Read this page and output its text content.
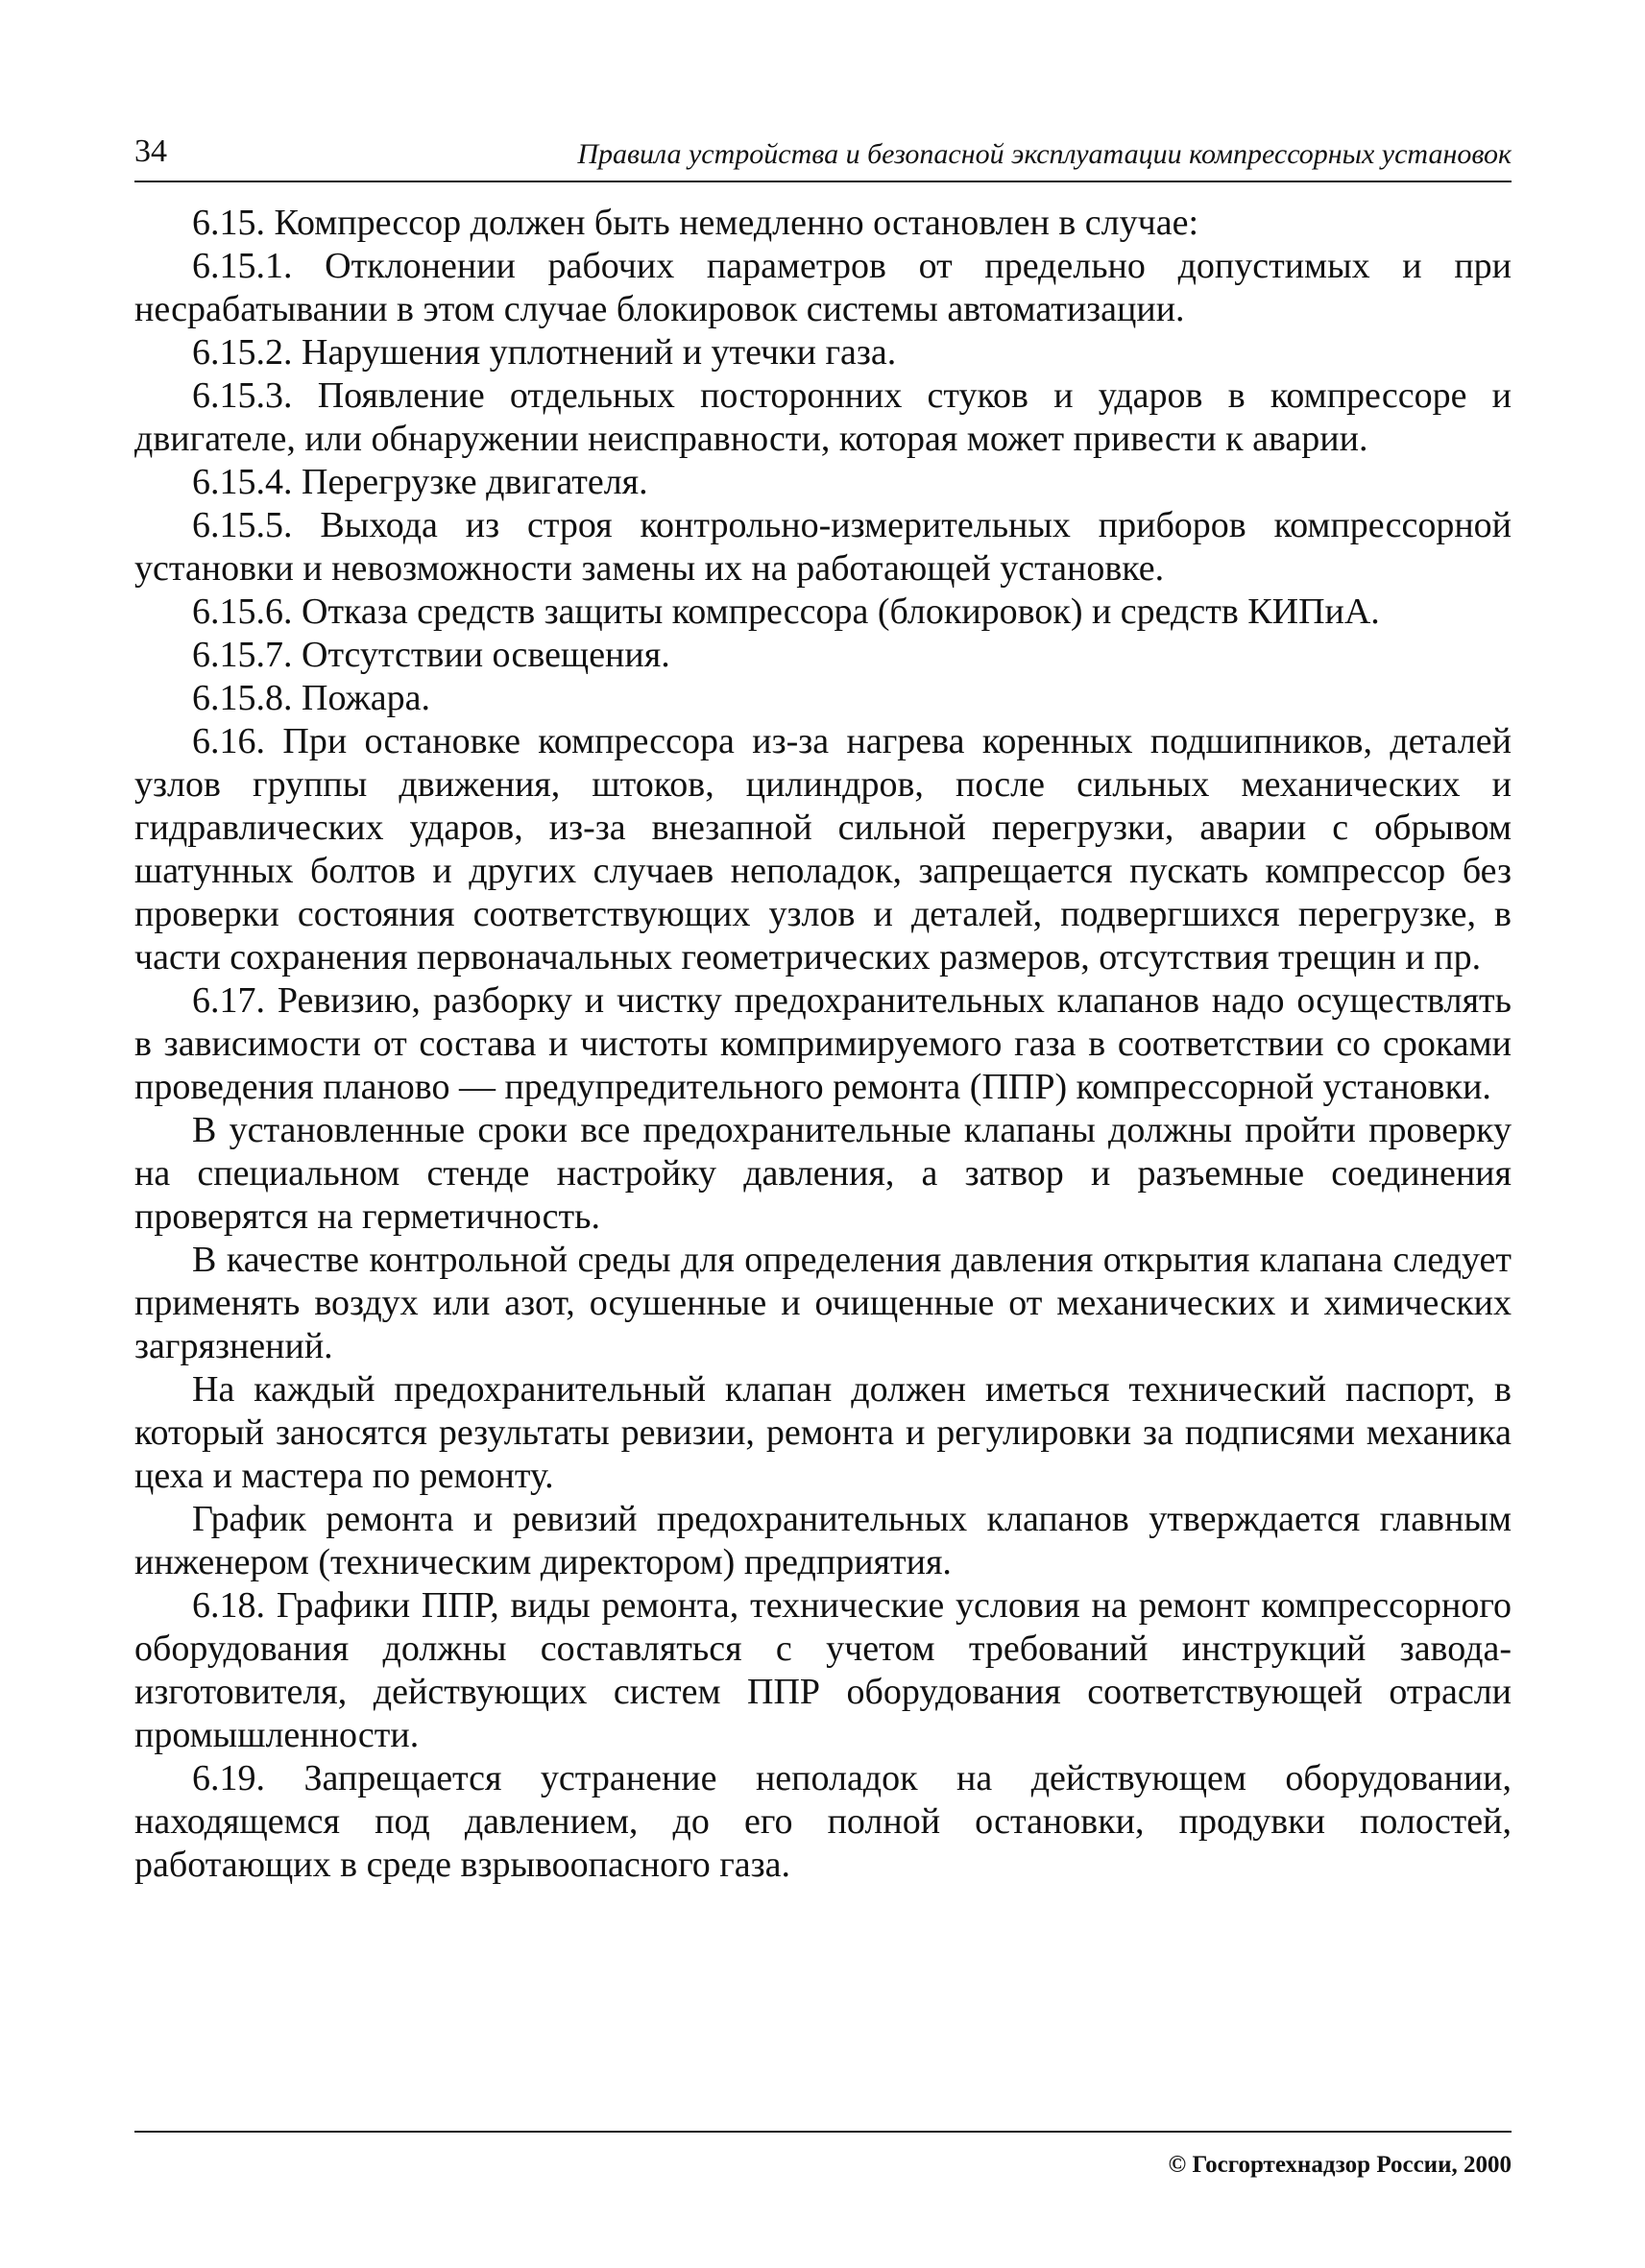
34	Правила устройства и безопасной эксплуатации компрессорных установок

6.15. Компрессор должен быть немедленно остановлен в случае:

6.15.1. Отклонении рабочих параметров от предельно допустимых и при несрабатывании в этом случае блокировок системы автоматизации.

6.15.2. Нарушения уплотнений и утечки газа.

6.15.3. Появление отдельных посторонних стуков и ударов в компрессоре и двигателе, или обнаружении неисправности, которая может привести к аварии.

6.15.4. Перегрузке двигателя.

6.15.5. Выхода из строя контрольно-измерительных приборов компрессорной установки и невозможности замены их на работающей установке.

6.15.6. Отказа средств защиты компрессора (блокировок) и средств КИПиА.

6.15.7. Отсутствии освещения.

6.15.8. Пожара.

6.16. При остановке компрессора из-за нагрева коренных подшипников, деталей узлов группы движения, штоков, цилиндров, после сильных механических и гидравлических ударов, из-за внезапной сильной перегрузки, аварии с обрывом шатунных болтов и других случаев неполадок, запрещается пускать компрессор без проверки состояния соответствующих узлов и деталей, подвергшихся перегрузке, в части сохранения первоначальных геометрических размеров, отсутствия трещин и пр.

6.17. Ревизию, разборку и чистку предохранительных клапанов надо осуществлять в зависимости от состава и чистоты компримируемого газа в соответствии со сроками проведения планово — предупредительного ремонта (ППР) компрессорной установки.

В установленные сроки все предохранительные клапаны должны пройти проверку на специальном стенде настройку давления, а затвор и разъемные соединения проверятся на герметичность.

В качестве контрольной среды для определения давления открытия клапана следует применять воздух или азот, осушенные и очищенные от механических и химических загрязнений.

На каждый предохранительный клапан должен иметься технический паспорт, в который заносятся результаты ревизии, ремонта и регулировки за подписями механика цеха и мастера по ремонту.

График ремонта и ревизий предохранительных клапанов утверждается главным инженером (техническим директором) предприятия.

6.18. Графики ППР, виды ремонта, технические условия на ремонт компрессорного оборудования должны составляться с учетом требований инструкций завода-изготовителя, действующих систем ППР оборудования соответствующей отрасли промышленности.

6.19. Запрещается устранение неполадок на действующем оборудовании, находящемся под давлением, до его полной остановки, продувки полостей, работающих в среде взрывоопасного газа.

© Госгортехнадзор России, 2000
